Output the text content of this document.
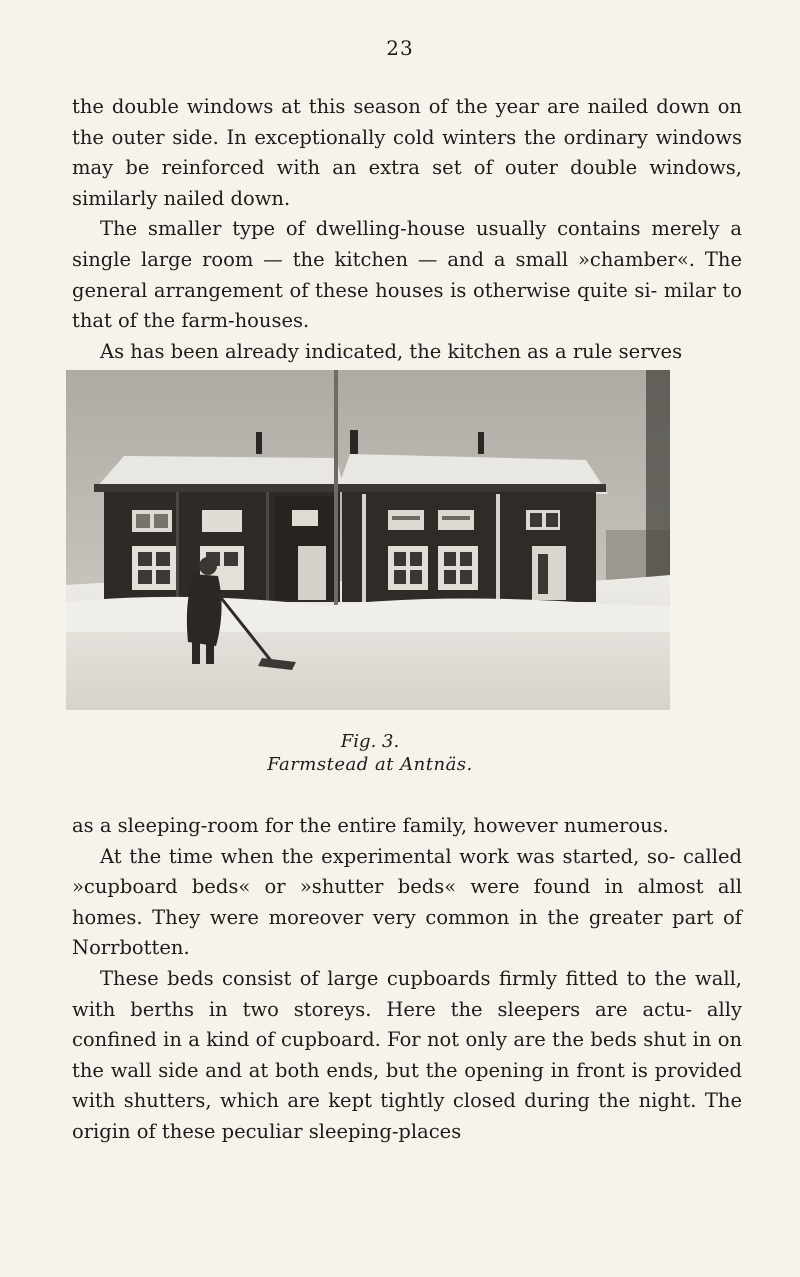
23

the double windows at this season of the year are nailed down on the outer side. In exceptionally cold winters the ordinary windows may be reinforced with an extra set of outer double windows, similarly nailed down.

The smaller type of dwelling-house usually contains merely a single large room — the kitchen — and a small »chamber«. The general arrangement of these houses is otherwise quite si- milar to that of the farm-houses.

As has been already indicated, the kitchen as a rule serves

Fig. 3.
Farmstead at Antnäs.

as a sleeping-room for the entire family, however numerous.

At the time when the experimental work was started, so- called »cupboard beds« or »shutter beds« were found in almost all homes. They were moreover very common in the greater part of Norrbotten.

These beds consist of large cupboards firmly fitted to the wall, with berths in two storeys. Here the sleepers are actu- ally confined in a kind of cupboard. For not only are the beds shut in on the wall side and at both ends, but the opening in front is provided with shutters, which are kept tightly closed during the night. The origin of these peculiar sleeping-places
